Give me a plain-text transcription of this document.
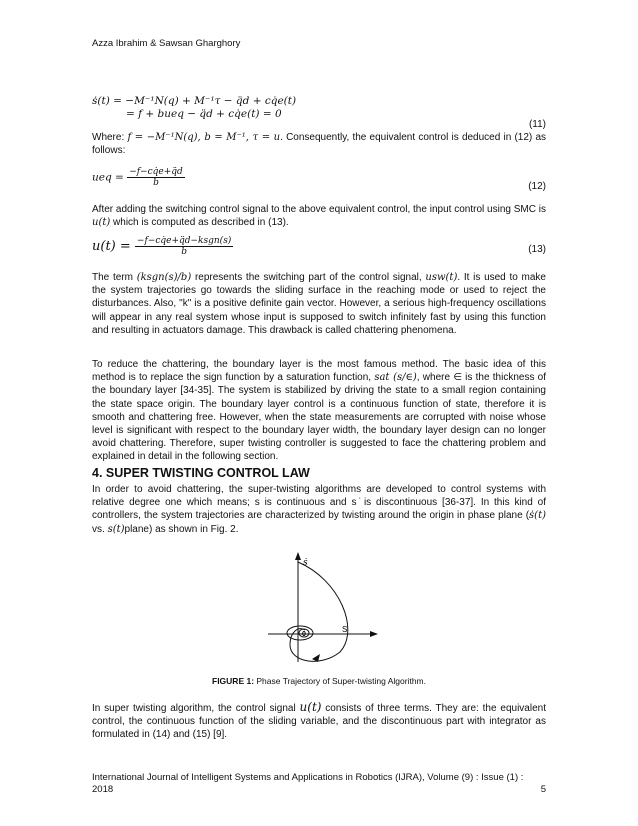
Azza Ibrahim & Sawsan Gharghory
ṡ(t) = −M⁻¹N(q) + M⁻¹τ − q̈d + cq̇e(t)
= f + bueq − q̈d + cq̇e(t) = 0
(11)

Where: f = −M⁻¹N(q), b = M⁻¹, τ = u. Consequently, the equivalent control is deduced in (12) as follows:

ueq = $\frac{-f-cq̇e+q̈d}{b}$	(12)

After adding the switching control signal to the above equivalent control, the input control using SMC is u(t) which is computed as described in (13).

$u(t) = \frac{\text{−f−cq̇e+q̈d−ksgn(s)}}{b}$	(13)

The term (ksgn(s)/b) represents the switching part of the control signal, usw(t). It is used to make the system trajectories go towards the sliding surface in the reaching mode or used to reject the disturbances. Also, "k" is a positive definite gain vector. However, a serious high-frequency oscillations will appear in any real system whose input is supposed to switch infinitely fast by using this function and resulting in actuators damage. This drawback is called chattering phenomena.

To reduce the chattering, the boundary layer is the most famous method. The basic idea of this method is to replace the sign function by a saturation function, sat (s/∈), where ∈ is the thickness of the boundary layer [34-35]. The system is stabilized by driving the state to a small region containing the state space origin. The boundary layer control is a continuous function of state, therefore it is smooth and chattering free. However, when the state measurements are corrupted with noise whose level is significant with respect to the boundary layer width, the boundary layer design can no longer avoid chattering. Therefore, super twisting controller is suggested to face the chattering problem and explained in detail in the following section.

4. SUPER TWISTING CONTROL LAW

In order to avoid chattering, the super-twisting algorithms are developed to control systems with relative degree one which means; s is continuous and s˙is discontinuous [36-37]. In this kind of controllers, the system trajectories are characterized by twisting around the origin in phase plane (ṡ(t) vs. s(t)plane) as shown in Fig. 2.

ṡ
S
0
FIGURE 1: Phase Trajectory of Super-twisting Algorithm.

In super twisting algorithm, the control signal u(t) consists of three terms. They are: the equivalent control, the continuous function of the sliding variable, and the discontinuous part with integrator as formulated in (14) and (15) [9].

International Journal of Intelligent Systems and Applications in Robotics (IJRA), Volume (9) : Issue (1) :
2018	5
